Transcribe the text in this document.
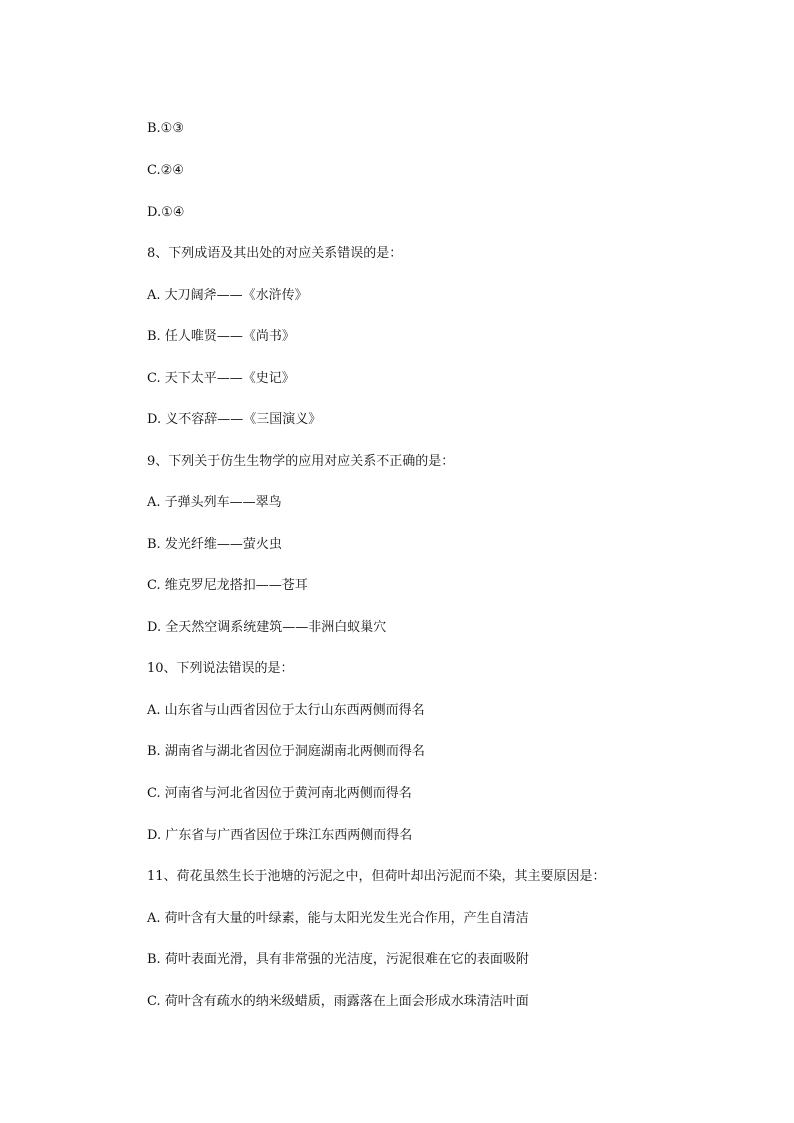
B.①③
C.②④
D.①④
8、下列成语及其出处的对应关系错误的是：
A. 大刀阔斧——《水浒传》
B. 任人唯贤——《尚书》
C. 天下太平——《史记》
D. 义不容辞——《三国演义》
9、下列关于仿生生物学的应用对应关系不正确的是：
A. 子弹头列车——翠鸟
B. 发光纤维——萤火虫
C. 维克罗尼龙搭扣——苍耳
D. 全天然空调系统建筑——非洲白蚁巢穴
10、下列说法错误的是：
A. 山东省与山西省因位于太行山东西两侧而得名
B. 湖南省与湖北省因位于洞庭湖南北两侧而得名
C. 河南省与河北省因位于黄河南北两侧而得名
D. 广东省与广西省因位于珠江东西两侧而得名
11、荷花虽然生长于池塘的污泥之中，但荷叶却出污泥而不染，其主要原因是：
A. 荷叶含有大量的叶绿素，能与太阳光发生光合作用，产生自清洁
B. 荷叶表面光滑，具有非常强的光洁度，污泥很难在它的表面吸附
C. 荷叶含有疏水的纳米级蜡质，雨露落在上面会形成水珠清洁叶面
